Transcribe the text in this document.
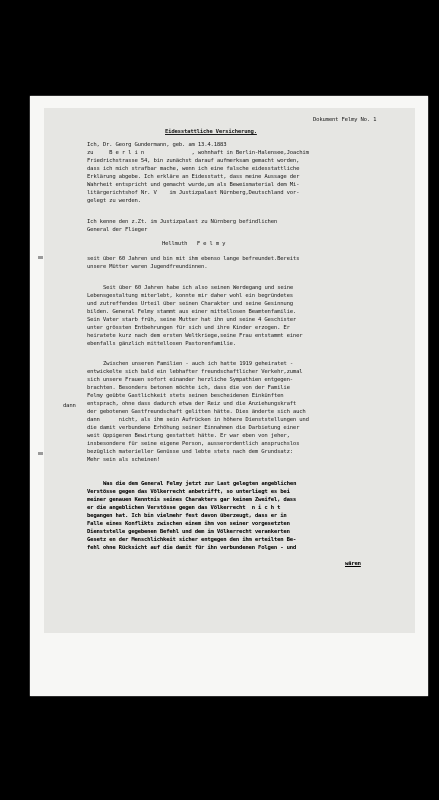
Dokument Felmy No. 1
Eidesstattliche Versicherung.
Ich, Dr. Georg Gundermann, geb. am 13.4.1883
zu     B e r l i n               , wohnhaft in Berlin-Halensee,Joachim
Friedrichstrasse 54, bin zunächst darauf aufmerksam gemacht worden,
dass ich mich strafbar mache, wenn ich eine falsche eidesstattliche
Erklärung abgebe. Ich erkläre an Eidesstatt, dass meine Aussage der
Wahrheit entspricht und gemacht wurde,um als Beweismaterial dem Mi-
litärgerichtshof Nr. V    im Justizpalast Nürnberg,Deutschland vor-
gelegt zu werden.
Ich kenne den z.Zt. im Justizpalast zu Nürnberg befindlichen
General der Flieger
Hellmuth   F e l m y
seit über 60 Jahren und bin mit ihm ebenso lange befreundet.Bereits
unsere Mütter waren Jugendfreundinnen.
Seit über 60 Jahren habe ich also seinen Werdegang und seine
Lebensgestaltung miterlebt, konnte mir daher wohl ein begründetes
und zutreffendes Urteil über seinen Charakter und seine Gesinnung
bilden. General Felmy stammt aus einer mittellosen Beamtenfamilie.
Sein Vater starb früh, seine Mutter hat ihn und seine 4 Geschister
unter grössten Entbehrungen für sich und ihre Kinder erzogen. Er
heiratete kurz nach dem ersten Weltkriege,seine Frau entstammt einer
ebenfalls gänzlich mittellosen Pastorenfamilie.
Zwischen unseren Familien - auch ich hatte 1919 geheiratet -
entwickelte sich bald ein lebhafter freundschaftlicher Verkehr,zumal
sich unsere Frauen sofort einander herzliche Sympathien entgegen-
brachten. Besonders betonen möchte ich, dass die von der Familie
Felmy geübte Gastlichkeit stets seinen bescheidenen Einkünften
entsprach, ohne dass dadurch etwa der Reiz und die Anziehungskraft
der gebotenen Gastfreundschaft gelitten hätte. Dies änderte sich auch
dann      nicht, als ihm sein Aufrücken in höhere Dienststellungen und
die damit verbundene Erhöhung seiner Einnahmen die Darbietung einer
weit üppigeren Bewirtung gestattet hätte. Er war eben von jeher,
insbesondere für seine eigene Person, ausserordentlich anspruchslos
bezüglich materieller Genüsse und lebte stets nach dem Grundsatz:
Mehr sein als scheinen!
dann
Was die dem General Felmy jetzt zur Last gelegten angeblichen
Verstösse gegen das Völkerrecht anbetrifft, so unterliegt es bei
meiner genauen Kenntnis seines Charakters gar keinem Zweifel, dass
er die angeblichen Verstösse gegen das Völkerrecht  n i c h t
begangen hat. Ich bin vielmehr fest davon überzeugt, dass er in
Falle eines Konflikts zwischen einem ihm von seiner vorgesetzten
Dienststelle gegebenen Befehl und dem im Völkerrecht verankerten
Gesetz en der Menschlichkeit sicher entgegen den ihm erteilten Be-
fehl ohne Rücksicht auf die damit für ihn verbundenen Folgen - und
wären
